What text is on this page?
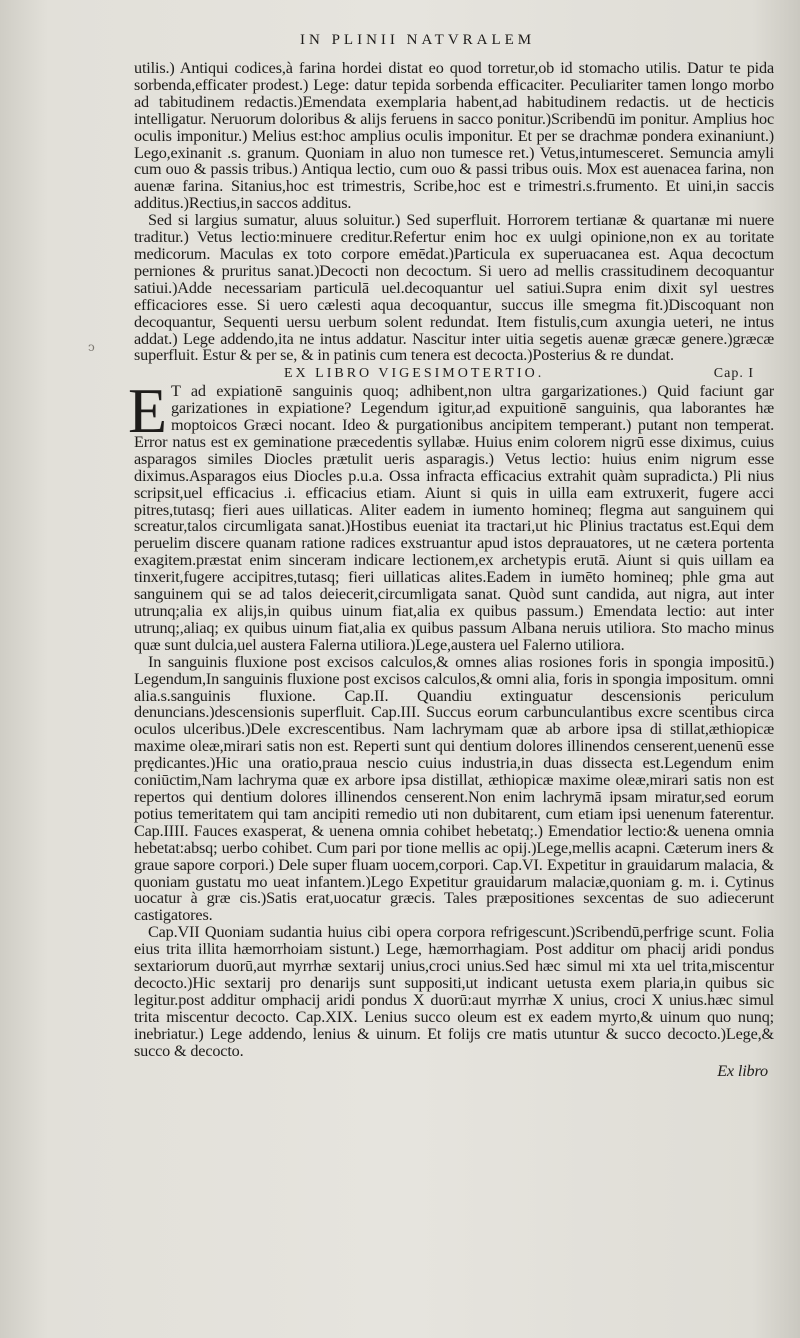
IN PLINII NATVRALEM
ↄ

utilis.) Antiqui codices,à farina hordei distat eo quod torretur,ob id stomacho utilis. Datur te pida sorbenda,efficater prodest.) Lege: datur tepida sorbenda efficaciter. Peculiariter tamen longo morbo ad tabitudinem redactis.)Emendata exemplaria habent,ad habitudinem redactis. ut de hecticis intelligatur. Neruorum doloribus & alijs feruens in sacco ponitur.)Scribendū im ponitur. Amplius hoc oculis imponitur.) Melius est:hoc amplius oculis imponitur. Et per se drachmæ pondera exinaniunt.) Lego,exinanit .s. granum. Quoniam in aluo non tumesce ret.) Vetus,intumesceret. Semuncia amyli cum ouo & passis tribus.) Antiqua lectio, cum ouo & passi tribus ouis. Mox est auenacea farina, non auenæ farina. Sitanius,hoc est trimestris, Scribe,hoc est e trimestri.s.frumento. Et uini,in saccis additus.)Rectius,in saccos additus.

Sed si largius sumatur, aluus soluitur.) Sed superfluit. Horrorem tertianæ & quartanæ mi nuere traditur.) Vetus lectio:minuere creditur.Refertur enim hoc ex uulgi opinione,non ex au toritate medicorum. Maculas ex toto corpore emēdat.)Particula ex superuacanea est. Aqua decoctum perniones & pruritus sanat.)Decocti non decoctum. Si uero ad mellis crassitudinem decoquantur satiui.)Adde necessariam particulā uel.decoquantur uel satiui.Supra enim dixit syl uestres efficaciores esse. Si uero cælesti aqua decoquantur, succus ille smegma fit.)Discoquant non decoquantur, Sequenti uersu uerbum solent redundat. Item fistulis,cum axungia ueteri, ne intus addat.) Lege addendo,ita ne intus addatur. Nascitur inter uitia segetis auenæ græcæ genere.)græcæ superfluit. Estur & per se, & in patinis cum tenera est decocta.)Posterius & re dundat.

EX LIBRO VIGESIMOTERTIO.	Cap. I

E T ad expiationē sanguinis quoq; adhibent,non ultra gargarizationes.) Quid faciunt gar garizationes in expiatione? Legendum igitur,ad expuitionē sanguinis, qua laborantes hæ moptoicos Græci nocant. Ideo & purgationibus ancipitem temperant.) putant non temperat. Error natus est ex geminatione præcedentis syllabæ. Huius enim colorem nigrū esse diximus, cuius asparagos similes Diocles prætulit ueris asparagis.) Vetus lectio: huius enim nigrum esse diximus.Asparagos eius Diocles p.u.a. Ossa infracta efficacius extrahit quàm supradicta.) Pli nius scripsit,uel efficacius .i. efficacius etiam. Aiunt si quis in uilla eam extruxerit, fugere acci pitres,tutasq; fieri aues uillaticas. Aliter eadem in iumento homineq; flegma aut sanguinem qui screatur,talos circumligata sanat.)Hostibus eueniat ita tractari,ut hic Plinius tractatus est.Equi dem peruelim discere quanam ratione radices exstruantur apud istos deprauatores, ut ne cætera portenta exagitem.præstat enim sinceram indicare lectionem,ex archetypis erutā. Aiunt si quis uillam ea tinxerit,fugere accipitres,tutasq; fieri uillaticas alites.Eadem in iumēto homineq; phle gma aut sanguinem qui se ad talos deiecerit,circumligata sanat. Quòd sunt candida, aut nigra, aut inter utrunq;alia ex alijs,in quibus uinum fiat,alia ex quibus passum.) Emendata lectio: aut inter utrunq;,aliaq; ex quibus uinum fiat,alia ex quibus passum Albana neruis utiliora. Sto macho minus quæ sunt dulcia,uel austera Falerna utiliora.)Lege,austera uel Falerno utiliora.

In sanguinis fluxione post excisos calculos,& omnes alias rosiones foris in spongia impositū.) Legendum,In sanguinis fluxione post excisos calculos,& omni alia, foris in spongia impositum. omni alia.s.sanguinis fluxione. Cap.II. Quandiu extinguatur descensionis periculum denuncians.)descensionis superfluit. Cap.III. Succus eorum carbunculantibus excre scentibus circa oculos ulceribus.)Dele excrescentibus. Nam lachrymam quæ ab arbore ipsa di stillat,æthiopicæ maxime oleæ,mirari satis non est. Reperti sunt qui dentium dolores illinendos censerent,uenenū esse prędicantes.)Hic una oratio,praua nescio cuius industria,in duas dissecta est.Legendum enim coniūctim,Nam lachryma quæ ex arbore ipsa distillat, æthiopicæ maxime oleæ,mirari satis non est repertos qui dentium dolores illinendos censerent.Non enim lachrymā ipsam miratur,sed eorum potius temeritatem qui tam ancipiti remedio uti non dubitarent, cum etiam ipsi uenenum faterentur. Cap.IIII. Fauces exasperat, & uenena omnia cohibet hebetatq;.) Emendatior lectio:& uenena omnia hebetat:absq; uerbo cohibet. Cum pari por tione mellis ac opij.)Lege,mellis acapni. Cæterum iners & graue sapore corpori.) Dele super fluam uocem,corpori. Cap.VI. Expetitur in grauidarum malacia, & quoniam gustatu mo ueat infantem.)Lego Expetitur grauidarum malaciæ,quoniam g. m. i. Cytinus uocatur à græ cis.)Satis erat,uocatur græcis. Tales præpositiones sexcentas de suo adiecerunt castigatores.

Cap.VII Quoniam sudantia huius cibi opera corpora refrigescunt.)Scribendū,perfrige scunt. Folia eius trita illita hæmorrhoiam sistunt.) Lege, hæmorrhagiam. Post additur om phacij aridi pondus sextariorum duorū,aut myrrhæ sextarij unius,croci unius.Sed hæc simul mi xta uel trita,miscentur decocto.)Hic sextarij pro denarijs sunt suppositi,ut indicant uetusta exem plaria,in quibus sic legitur.post additur omphacij aridi pondus X duorū:aut myrrhæ X unius, croci X unius.hæc simul trita miscentur decocto. Cap.XIX. Lenius succo oleum est ex eadem myrto,& uinum quo nunq; inebriatur.) Lege addendo, lenius & uinum. Et folijs cre matis utuntur & succo decocto.)Lege,& succo & decocto.

Ex libro
